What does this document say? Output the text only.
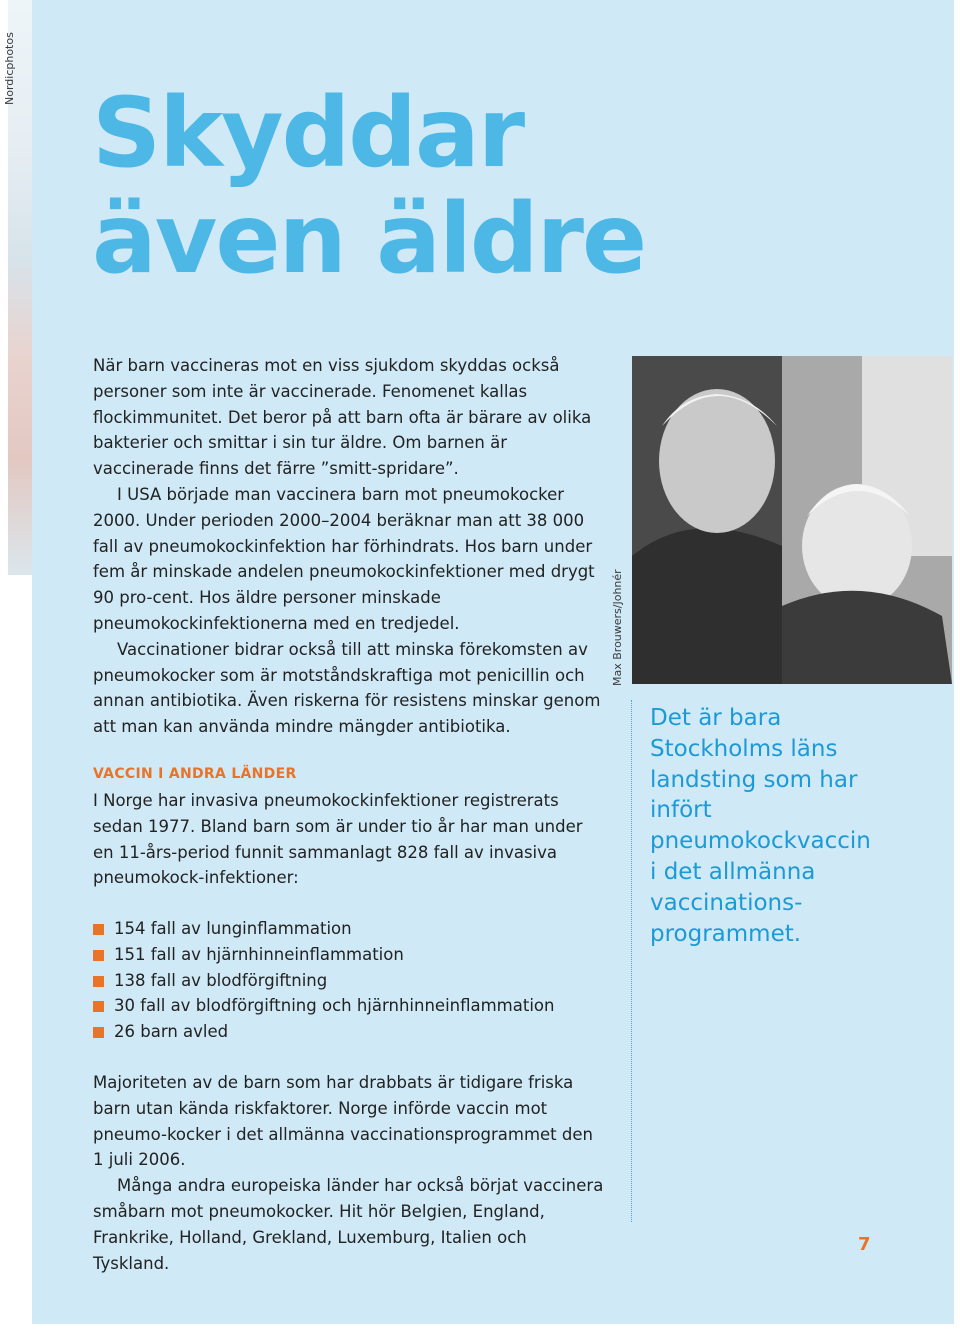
Nordicphotos
Skyddar
även äldre

När barn vaccineras mot en viss sjukdom skyddas också personer som inte är vaccinerade. Fenomenet kallas flockimmunitet. Det beror på att barn ofta är bärare av olika bakterier och smittar i sin tur äldre. Om barnen är vaccinerade finns det färre ”smitt-spridare”.

I USA började man vaccinera barn mot pneumokocker 2000. Under perioden 2000–2004 beräknar man att 38 000 fall av pneumokockinfektion har förhindrats. Hos barn under fem år minskade andelen pneumokockinfektioner med drygt 90 pro-cent. Hos äldre personer minskade pneumokockinfektionerna med en tredjedel.

Vaccinationer bidrar också till att minska förekomsten av pneumokocker som är motståndskraftiga mot penicillin och annan antibiotika. Även riskerna för resistens minskar genom att man kan använda mindre mängder antibiotika.

VACCIN I ANDRA LÄNDER

I Norge har invasiva pneumokockinfektioner registrerats sedan 1977. Bland barn som är under tio år har man under en 11-års-period funnit sammanlagt 828 fall av invasiva pneumokock-infektioner:

154 fall av lunginflammation
151 fall av hjärnhinneinflammation
138 fall av blodförgiftning
30 fall av blodförgiftning och hjärnhinneinflammation
26 barn avled

Majoriteten av de barn som har drabbats är tidigare friska barn utan kända riskfaktorer. Norge införde vaccin mot pneumo-kocker i det allmänna vaccinationsprogrammet den 1 juli 2006.

Många andra europeiska länder har också börjat vaccinera småbarn mot pneumokocker. Hit hör Belgien, England, Frankrike, Holland, Grekland, Luxemburg, Italien och Tyskland.

Max Brouwers/Johnér

Det är bara Stockholms läns landsting som har infört pneumokockvaccin i det allmänna vaccinations-programmet.

7
